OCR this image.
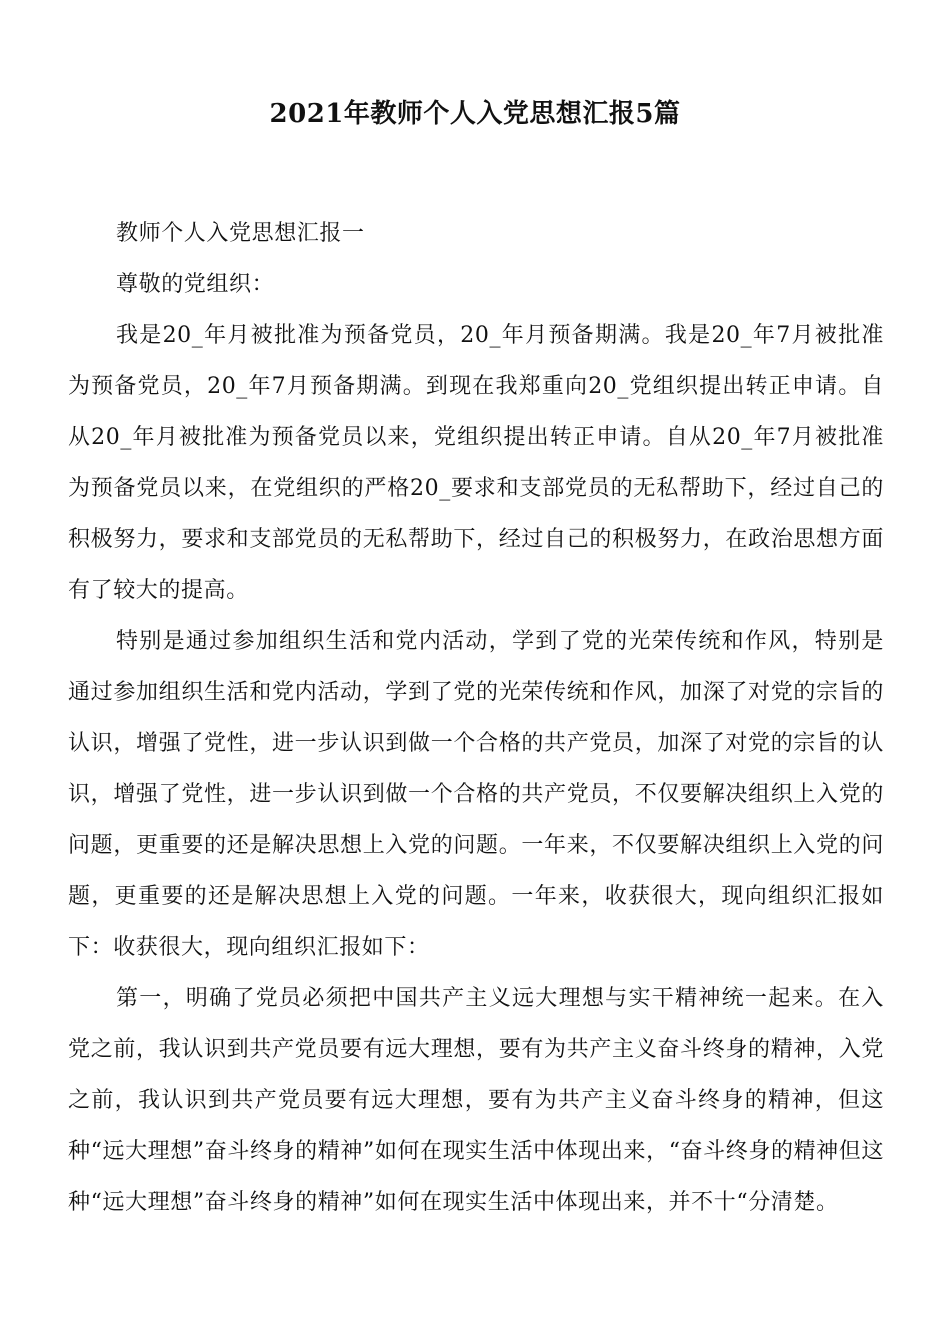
2021年教师个人入党思想汇报5篇

教师个人入党思想汇报一

尊敬的党组织：

我是20_年月被批准为预备党员，20_年月预备期满。我是20_年7月被批准为预备党员，20_年7月预备期满。到现在我郑重向20_党组织提出转正申请。自从20_年月被批准为预备党员以来，党组织提出转正申请。自从20_年7月被批准为预备党员以来，在党组织的严格20_要求和支部党员的无私帮助下，经过自己的积极努力，要求和支部党员的无私帮助下，经过自己的积极努力，在政治思想方面有了较大的提高。

特别是通过参加组织生活和党内活动，学到了党的光荣传统和作风，特别是通过参加组织生活和党内活动，学到了党的光荣传统和作风，加深了对党的宗旨的认识，增强了党性，进一步认识到做一个合格的共产党员，加深了对党的宗旨的认识，增强了党性，进一步认识到做一个合格的共产党员，不仅要解决组织上入党的问题，更重要的还是解决思想上入党的问题。一年来，不仅要解决组织上入党的问题，更重要的还是解决思想上入党的问题。一年来，收获很大，现向组织汇报如下：收获很大，现向组织汇报如下：

第一，明确了党员必须把中国共产主义远大理想与实干精神统一起来。在入党之前，我认识到共产党员要有远大理想，要有为共产主义奋斗终身的精神，入党之前，我认识到共产党员要有远大理想，要有为共产主义奋斗终身的精神，但这种“远大理想”奋斗终身的精神”如何在现实生活中体现出来，“奋斗终身的精神但这种“远大理想”奋斗终身的精神”如何在现实生活中体现出来，并不十“分清楚。
